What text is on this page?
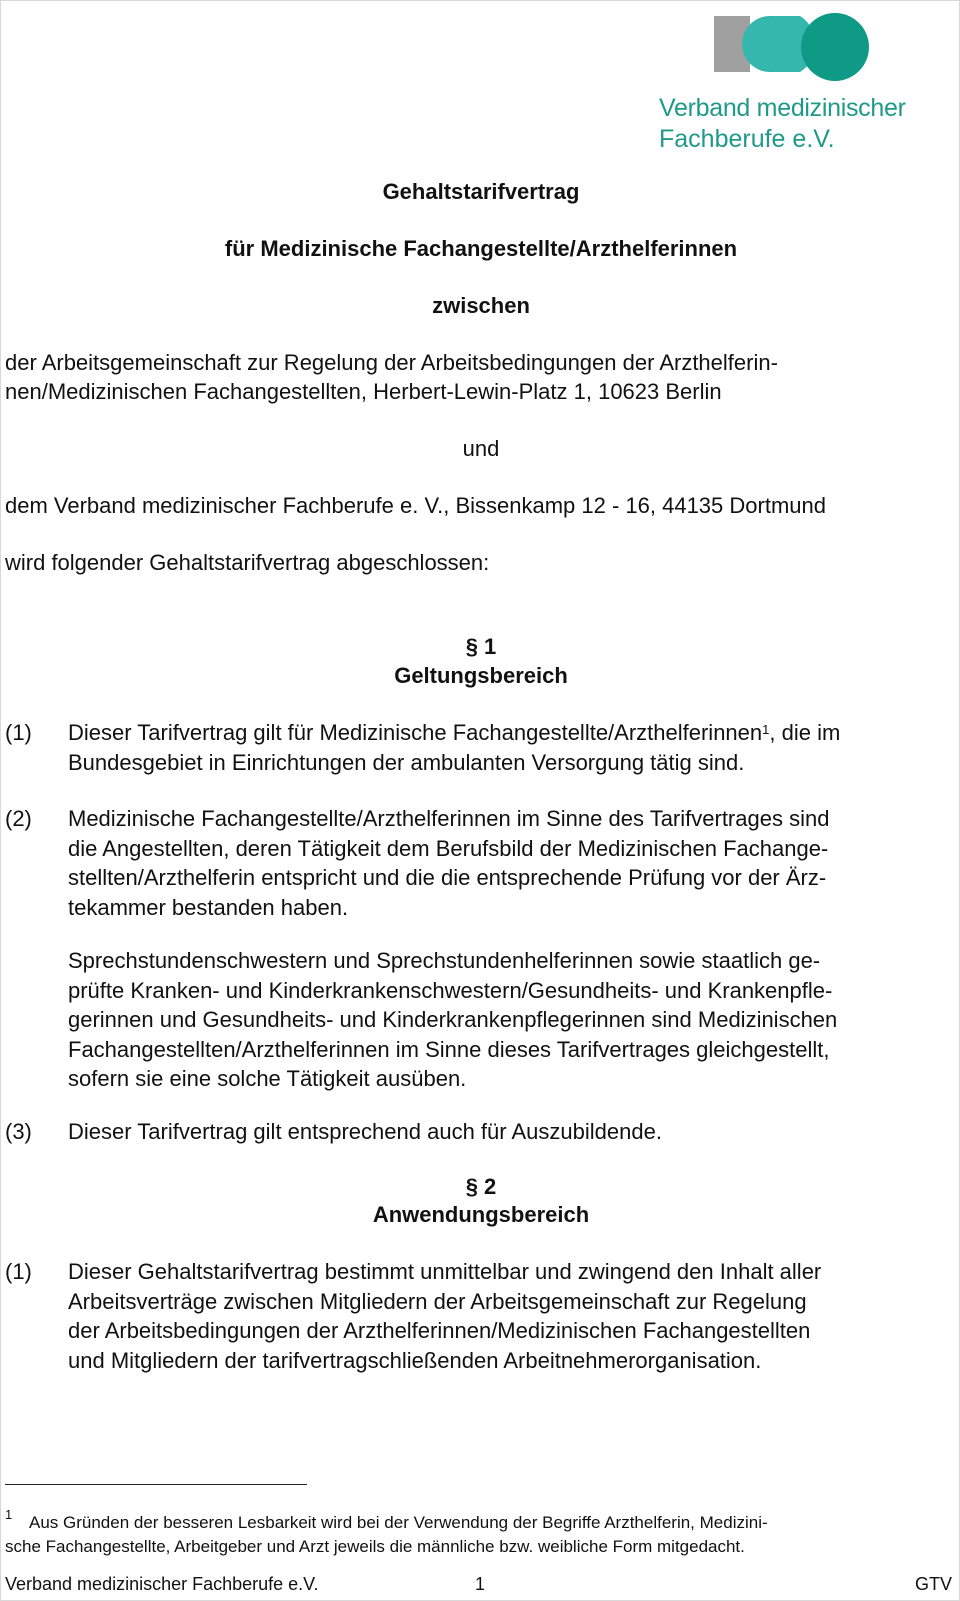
Verband medizinischer
Fachberufe e.V.
Gehaltstarifvertrag
für Medizinische Fachangestellte/Arzthelferinnen
zwischen
der Arbeitsgemeinschaft zur Regelung der Arbeitsbedingungen der Arzthelferin-
nen/Medizinischen Fachangestellten, Herbert-Lewin-Platz 1, 10623 Berlin
und
dem Verband medizinischer Fachberufe e. V., Bissenkamp 12 - 16, 44135 Dortmund
wird folgender Gehaltstarifvertrag abgeschlossen:
§ 1
Geltungsbereich
(1) Dieser Tarifvertrag gilt für Medizinische Fachangestellte/Arzthelferinnen$^1$, die im
Bundesgebiet in Einrichtungen der ambulanten Versorgung tätig sind.
(2) Medizinische Fachangestellte/Arzthelferinnen im Sinne des Tarifvertrages sind
die Angestellten, deren Tätigkeit dem Berufsbild der Medizinischen Fachange-
stellten/Arzthelferin entspricht und die die entsprechende Prüfung vor der Ärz-
tekammer bestanden haben.
Sprechstundenschwestern und Sprechstundenhelferinnen sowie staatlich ge-
prüfte Kranken- und Kinderkrankenschwestern/Gesundheits- und Krankenpfle-
gerinnen und Gesundheits- und Kinderkrankenpflegerinnen sind Medizinischen
Fachangestellten/Arzthelferinnen im Sinne dieses Tarifvertrages gleichgestellt,
sofern sie eine solche Tätigkeit ausüben.
(3) Dieser Tarifvertrag gilt entsprechend auch für Auszubildende.
§ 2
Anwendungsbereich
(1) Dieser Gehaltstarifvertrag bestimmt unmittelbar und zwingend den Inhalt aller
Arbeitsverträge zwischen Mitgliedern der Arbeitsgemeinschaft zur Regelung
der Arbeitsbedingungen der Arzthelferinnen/Medizinischen Fachangestellten
und Mitgliedern der tarifvertragschließenden Arbeitnehmerorganisation.
1 Aus Gründen der besseren Lesbarkeit wird bei der Verwendung der Begriffe Arzthelferin, Medizini-
sche Fachangestellte, Arbeitgeber und Arzt jeweils die männliche bzw. weibliche Form mitgedacht.
Verband medizinischer Fachberufe e.V.	1	GTV
